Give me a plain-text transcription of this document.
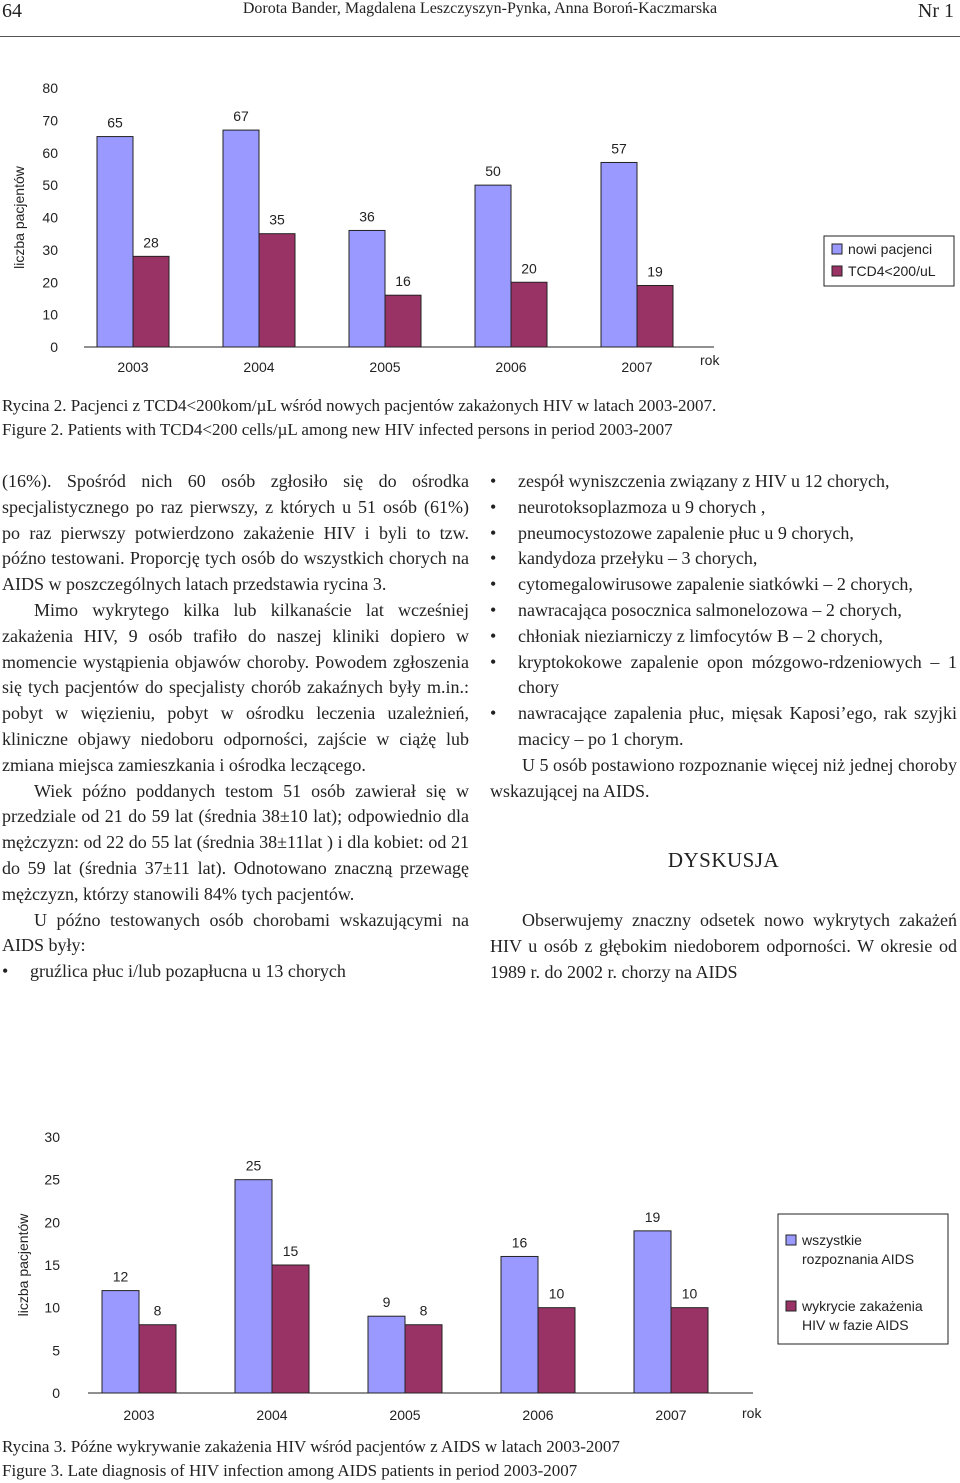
64	Dorota Bander, Magdalena Leszczyszyn-Pynka, Anna Boroń-Kaczmarska	Nr 1
liczba pacjentów
0
10
20
30
40
50
60
70
80
65
28
2003
67
35
2004
36
16
2005
50
20
2006
57
19
2007	rok
nowi pacjenci
TCD4<200/uL
Rycina 2. Pacjenci z TCD4<200kom/µL wśród nowych pacjentów zakażonych HIV w latach 2003-2007.
Figure 2. Patients with TCD4<200 cells/µL among new HIV infected persons in period 2003-2007

(16%). Spośród nich 60 osób zgłosiło się do ośrodka specjalistycznego po raz pierwszy, z których u 51 osób (61%) po raz pierwszy potwierdzono zakażenie HIV i byli to tzw. późno testowani. Proporcję tych osób do wszystkich chorych na AIDS w poszczególnych latach przedstawia rycina 3.

Mimo wykrytego kilka lub kilkanaście lat wcześniej zakażenia HIV, 9 osób trafiło do naszej kliniki dopiero w momencie wystąpienia objawów choroby. Powodem zgłoszenia się tych pacjentów do specjalisty chorób zakaźnych były m.in.: pobyt w więzieniu, pobyt w ośrodku leczenia uzależnień, kliniczne objawy niedoboru odporności, zajście w ciążę lub zmiana miejsca zamieszkania i ośrodka leczącego.

Wiek późno poddanych testom 51 osób zawierał się w przedziale od 21 do 59 lat (średnia 38±10 lat); odpowiednio dla mężczyzn: od 22 do 55 lat (średnia 38±11lat ) i dla kobiet: od 21 do 59 lat (średnia 37±11 lat). Odnotowano znaczną przewagę mężczyzn, którzy stanowili 84% tych pacjentów.

U późno testowanych osób chorobami wskazującymi na AIDS były:

• gruźlica płuc i/lub pozapłucna u 13 chorych
• zespół wyniszczenia związany z HIV u 12 chorych,
• neurotoksoplazmoza u 9 chorych ,
• pneumocystozowe zapalenie płuc u 9 chorych,
• kandydoza przełyku – 3 chorych,
• cytomegalowirusowe zapalenie siatkówki – 2 chorych,
• nawracająca posocznica salmonelozowa – 2 chorych,
• chłoniak nieziarniczy z limfocytów B – 2 chorych,
• kryptokokowe zapalenie opon mózgowo-rdzeniowych – 1 chory
• nawracające zapalenia płuc, mięsak Kaposi’ego, rak szyjki macicy – po 1 chorym.

U 5 osób postawiono rozpoznanie więcej niż jednej choroby wskazującej na AIDS.

DYSKUSJA

Obserwujemy znaczny odsetek nowo wykrytych zakażeń HIV u osób z głębokim niedoborem odporności. W okresie od 1989 r. do 2002 r. chorzy na AIDS

liczba pacjentów
0
5
10
15
20
25
30
12
8
2003
25
15
2004
9
8
2005
16
10
2006
19
10
2007	rok
wszystkie rozpoznania AIDS
wykrycie zakażenia HIV w fazie AIDS
Rycina 3. Późne wykrywanie zakażenia HIV wśród pacjentów z AIDS w latach 2003-2007
Figure 3. Late diagnosis of HIV infection among AIDS patients in period 2003-2007
